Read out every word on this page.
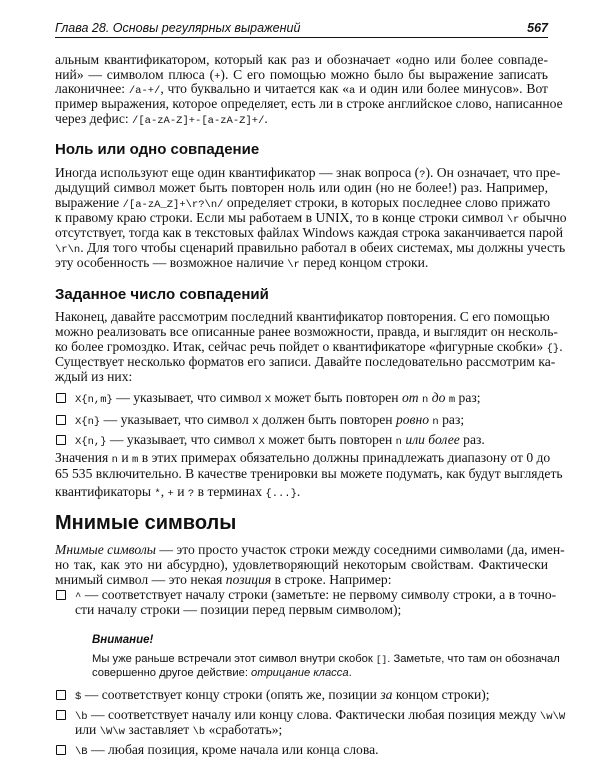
Глава 28. Основы регулярных выражений	567
альным квантификатором, который как раз и обозначает «одно или более совпаде-
ний» — символом плюса (+). С его помощью можно было бы выражение записать
лаконичнее: /a-+/, что буквально и читается как «a и один или более минусов». Вот
пример выражения, которое определяет, есть ли в строке английское слово, написанное
через дефис: /[a-zA-Z]+-[a-zA-Z]+/.
Ноль или одно совпадение
Иногда используют еще один квантификатор — знак вопроса (?). Он означает, что пре-
дыдущий символ может быть повторен ноль или один (но не более!) раз. Например,
выражение /[a-zA_Z]+\r?\n/ определяет строки, в которых последнее слово прижато
к правому краю строки. Если мы работаем в UNIX, то в конце строки символ \r обычно
отсутствует, тогда как в текстовых файлах Windows каждая строка заканчивается парой
\r\n. Для того чтобы сценарий правильно работал в обеих системах, мы должны учесть
эту особенность — возможное наличие \r перед концом строки.
Заданное число совпадений
Наконец, давайте рассмотрим последний квантификатор повторения. С его помощью
можно реализовать все описанные ранее возможности, правда, и выглядит он несколь-
ко более громоздко. Итак, сейчас речь пойдет о квантификаторе «фигурные скобки» {}.
Существует несколько форматов его записи. Давайте последовательно рассмотрим ка-
ждый из них:
X{n,m} — указывает, что символ X может быть повторен от n до m раз;
X{n} — указывает, что символ X должен быть повторен ровно n раз;
X{n,} — указывает, что символ X может быть повторен n или более раз.
Значения n и m в этих примерах обязательно должны принадлежать диапазону от 0 до
65 535 включительно. В качестве тренировки вы можете подумать, как будут выглядеть
квантификаторы *, + и ? в терминах {...}.
Мнимые символы
Мнимые символы — это просто участок строки между соседними символами (да, имен-
но так, как это ни абсурдно), удовлетворяющий некоторым свойствам. Фактически
мнимый символ — это некая позиция в строке. Например:
^ — соответствует началу строки (заметьте: не первому символу строки, а в точно-
сти началу строки — позиции перед первым символом);
Внимание!
Мы уже раньше встречали этот символ внутри скобок []. Заметьте, что там он обозначал
совершенно другое действие: отрицание класса.
$ — соответствует концу строки (опять же, позиции за концом строки);
\b — соответствует началу или концу слова. Фактически любая позиция между \w\W
или \W\w заставляет \b «сработать»;
\B — любая позиция, кроме начала или конца слова.
